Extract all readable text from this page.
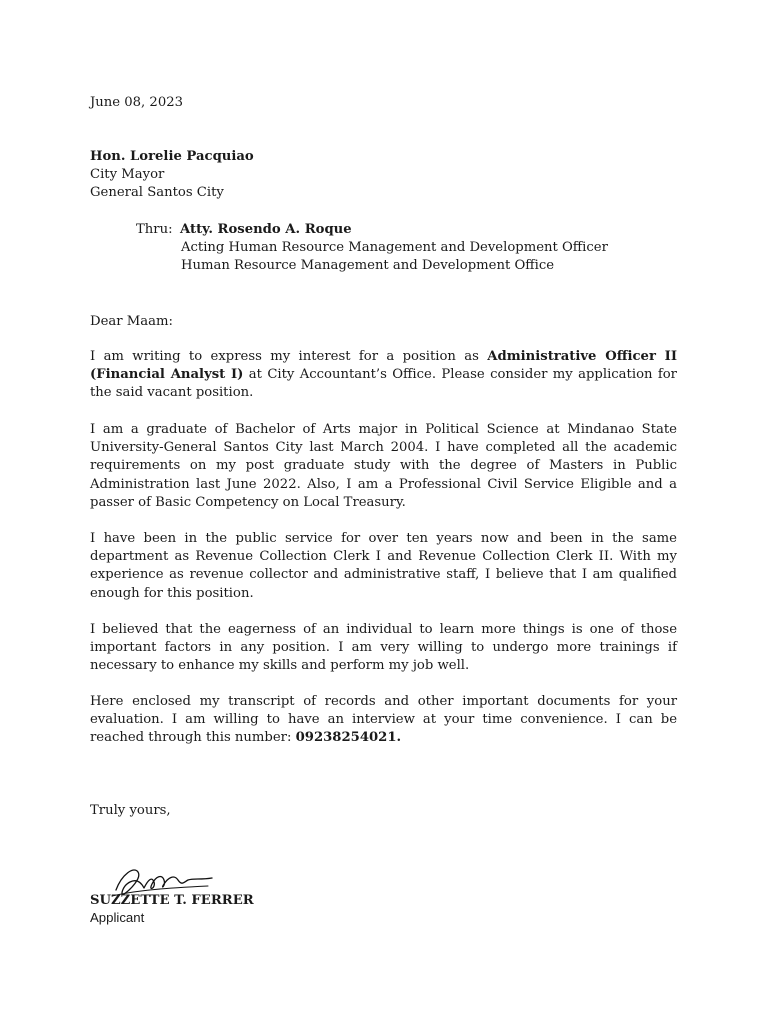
June 08, 2023

Hon. Lorelie Pacquiao

City Mayor

General Santos City

Thru: Atty. Rosendo A. Roque

Acting Human Resource Management and Development Officer

Human Resource Management and Development Office

Dear Maam:

I am writing to express my interest for a position as Administrative Officer II (Financial Analyst I) at City Accountant’s Office. Please consider my application for the said vacant position.

I am a graduate of Bachelor of Arts major in Political Science at Mindanao State University-General Santos City last March 2004. I have completed all the academic requirements on my post graduate study with the degree of Masters in Public Administration last June 2022. Also, I am a Professional Civil Service Eligible and a passer of Basic Competency on Local Treasury.

I have been in the public service for over ten years now and been in the same department as Revenue Collection Clerk I and Revenue Collection Clerk II. With my experience as revenue collector and administrative staff, I believe that I am qualified enough for this position.

I believed that the eagerness of an individual to learn more things is one of those important factors in any position. I am very willing to undergo more trainings if necessary to enhance my skills and perform my job well.

Here enclosed my transcript of records and other important documents for your evaluation. I am willing to have an interview at your time convenience. I can be reached through this number: 09238254021.

Truly yours,

SUZZETTE T. FERRER
Applicant
